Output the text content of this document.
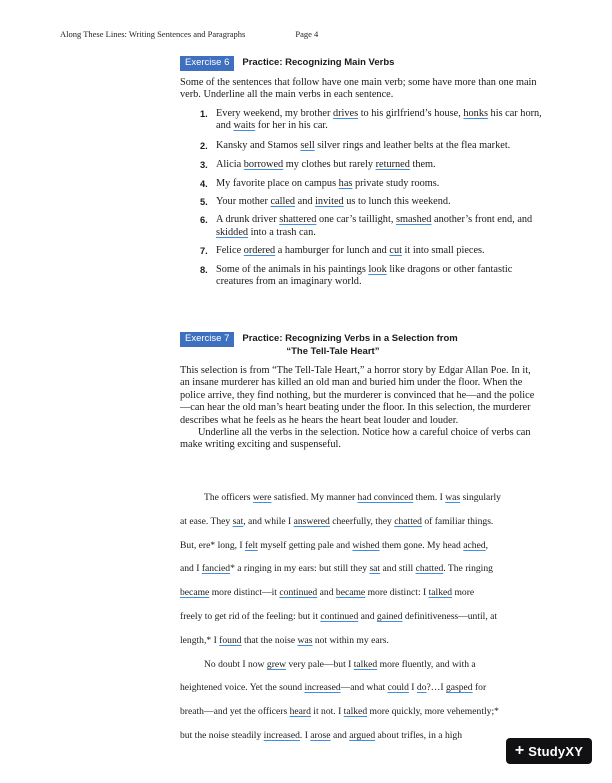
Along These Lines: Writing Sentences and Paragraphs	Page 4
Exercise 6 Practice: Recognizing Main Verbs

Some of the sentences that follow have one main verb; some have more than one main verb. Underline all the main verbs in each sentence.

1. Every weekend, my brother drives to his girlfriend’s house, honks his car horn, and waits for her in his car.
2. Kansky and Stamos sell silver rings and leather belts at the flea market.
3. Alicia borrowed my clothes but rarely returned them.
4. My favorite place on campus has private study rooms.
5. Your mother called and invited us to lunch this weekend.
6. A drunk driver shattered one car’s taillight, smashed another’s front end, and skidded into a trash can.
7. Felice ordered a hamburger for lunch and cut it into small pieces.
8. Some of the animals in his paintings look like dragons or other fantastic creatures from an imaginary world.
Exercise 7 Practice: Recognizing Verbs in a Selection from
“The Tell-Tale Heart”

This selection is from “The Tell-Tale Heart,” a horror story by Edgar Allan Poe. In it, an insane murderer has killed an old man and buried him under the floor. When the police arrive, they find nothing, but the murderer is convinced that he—and the police—can hear the old man’s heart beating under the floor. In this selection, the murderer describes what he feels as he hears the heart beat louder and louder.

Underline all the verbs in the selection. Notice how a careful choice of verbs can make writing exciting and suspenseful.

The officers were satisfied. My manner had convinced them. I was singularly
at ease. They sat, and while I answered cheerfully, they chatted of familiar things.
But, ere* long, I felt myself getting pale and wished them gone. My head ached,
and I fancied* a ringing in my ears: but still they sat and still chatted. The ringing
became more distinct—it continued and became more distinct: I talked more
freely to get rid of the feeling: but it continued and gained definitiveness—until, at
length,* I found that the noise was not within my ears.
No doubt I now grew very pale—but I talked more fluently, and with a
heightened voice. Yet the sound increased—and what could I do?…I gasped for
breath—and yet the officers heard it not. I talked more quickly, more vehemently;*
but the noise steadily increased. I arose and argued about trifles, in a high
+ StudyXY
